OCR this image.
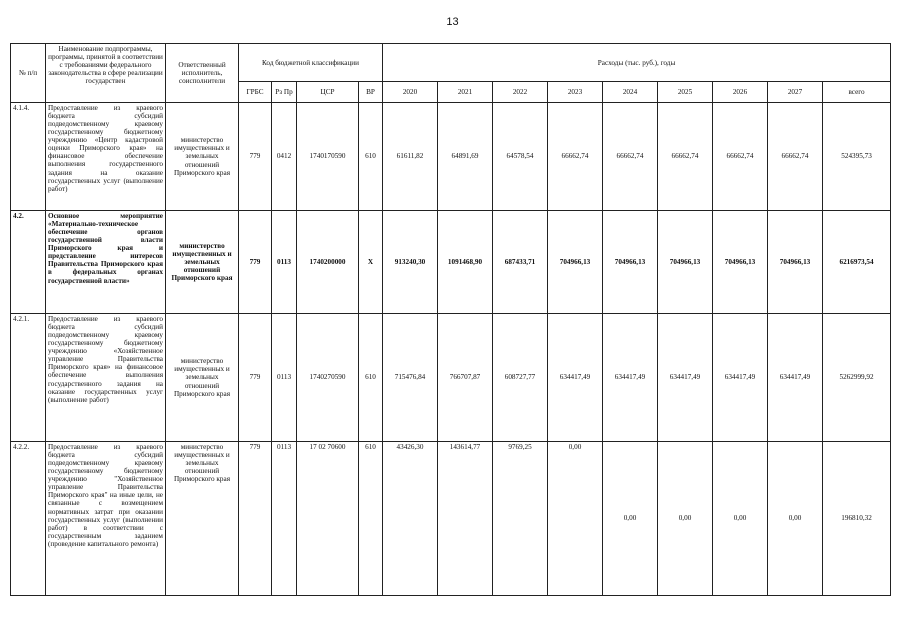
13
№ п/п	Наименование подпрограммы, программы, принятой в соответствии с требованиями федерального законодательства в сфере реализации государствен	Ответственный исполнитель, соисполнители	Код бюджетной классификации				Расходы (тыс. руб.), годы								
			ГРБС	Рз Пр	ЦСР	ВР	2020	2021	2022	2023	2024	2025	2026	2027	всего
4.1.4.	Предоставление из краевого бюджета субсидий подведомственному краевому государственному бюджетному учреждению «Центр кадастровой оценки Приморского края» на финансовое обеспечение выполнения государственного задания на оказание государственных услуг (выполнение работ)	министерство имущественных и земельных отношений Приморского края	779	0412	1740170590	610	61611,82	64891,69	64578,54	66662,74	66662,74	66662,74	66662,74	66662,74	524395,73
4.2.	Основное мероприятие «Материально-техническое обеспечение органов государственной власти Приморского края и представление интересов Правительства Приморского края в федеральных органах государственной власти»	министерство имущественных и земельных отношений Приморского края	779	0113	1740200000	X	913240,30	1091468,90	687433,71	704966,13	704966,13	704966,13	704966,13	704966,13	6216973,54
4.2.1.	Предоставление из краевого бюджета субсидий подведомственному краевому государственному бюджетному учреждению «Хозяйственное управление Правительства Приморского края» на финансовое обеспечение выполнения государственного задания на оказание государственных услуг (выполнение работ)	министерство имущественных и земельных отношений Приморского края	779	0113	1740270590	610	715476,84	766707,87	608727,77	634417,49	634417,49	634417,49	634417,49	634417,49	5262999,92
4.2.2.	Предоставление из краевого бюджета субсидий подведомственному краевому государственному бюджетному учреждению "Хозяйственное управление Правительства Приморского края" на иные цели, не связанные с возмещением нормативных затрат при оказании государственных услуг (выполнении работ) в соответствии с государственным заданием (проведение капитального ремонта)	министерство имущественных и земельных отношений Приморского края	779	0113	17 02 70600	610	43426,30	143614,77	9769,25	0,00	0,00	0,00	0,00	0,00	196810,32
